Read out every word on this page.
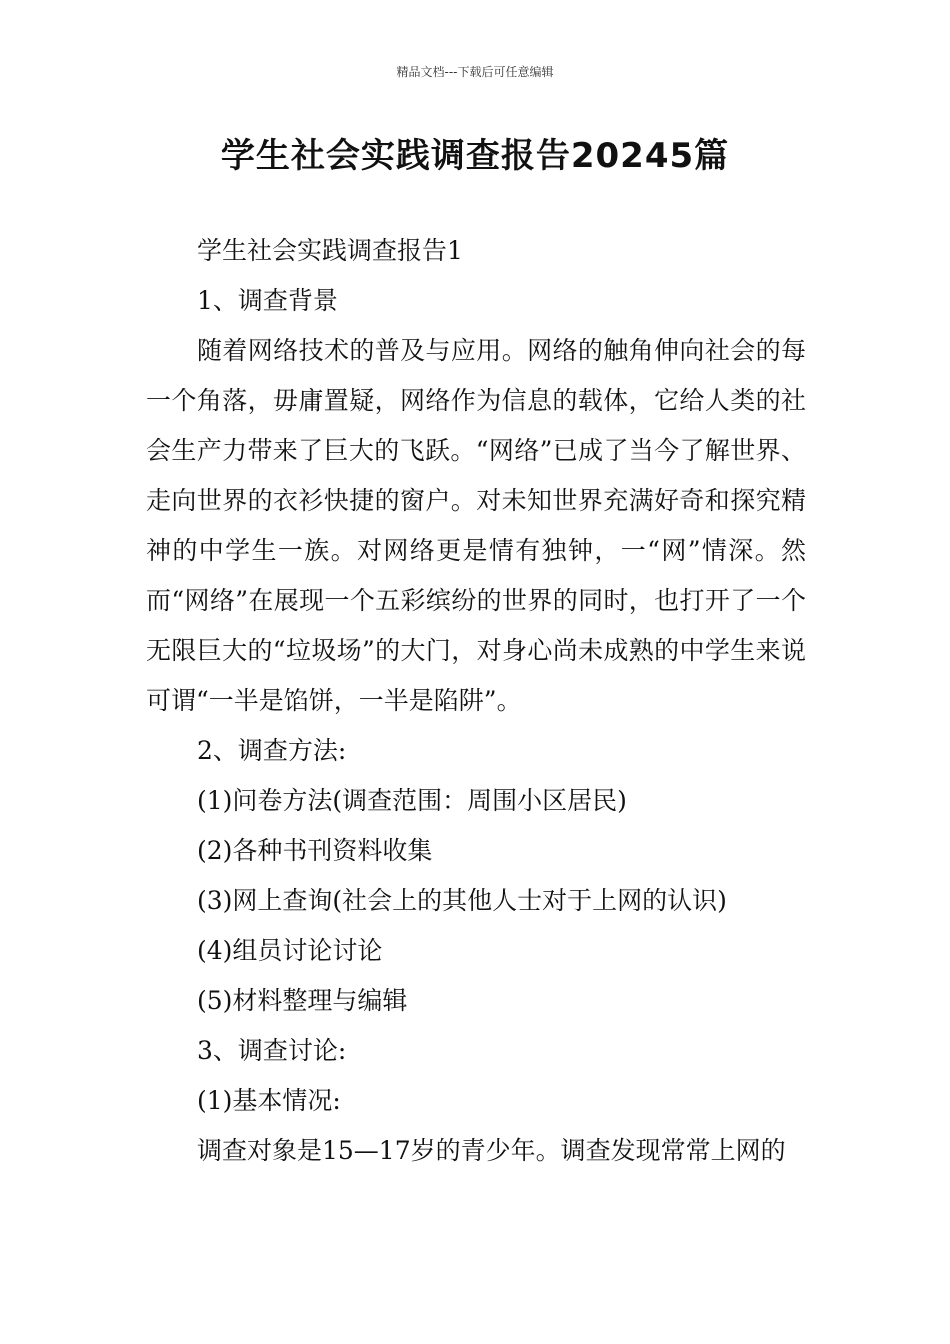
精品文档---下载后可任意编辑
学生社会实践调查报告20245篇

学生社会实践调查报告1

1、调查背景

随着网络技术的普及与应用。网络的触角伸向社会的每一个角落，毋庸置疑，网络作为信息的载体，它给人类的社会生产力带来了巨大的飞跃。“网络”已成了当今了解世界、走向世界的衣衫快捷的窗户。对未知世界充满好奇和探究精神的中学生一族。对网络更是情有独钟，一“网”情深。然而“网络”在展现一个五彩缤纷的世界的同时，也打开了一个无限巨大的“垃圾场”的大门，对身心尚未成熟的中学生来说可谓“一半是馅饼，一半是陷阱”。

2、调查方法:

(1)问卷方法(调查范围：周围小区居民)

(2)各种书刊资料收集

(3)网上查询(社会上的其他人士对于上网的认识)

(4)组员讨论讨论

(5)材料整理与编辑

3、调查讨论:

(1)基本情况:

调查对象是15—17岁的青少年。调查发现常常上网的
